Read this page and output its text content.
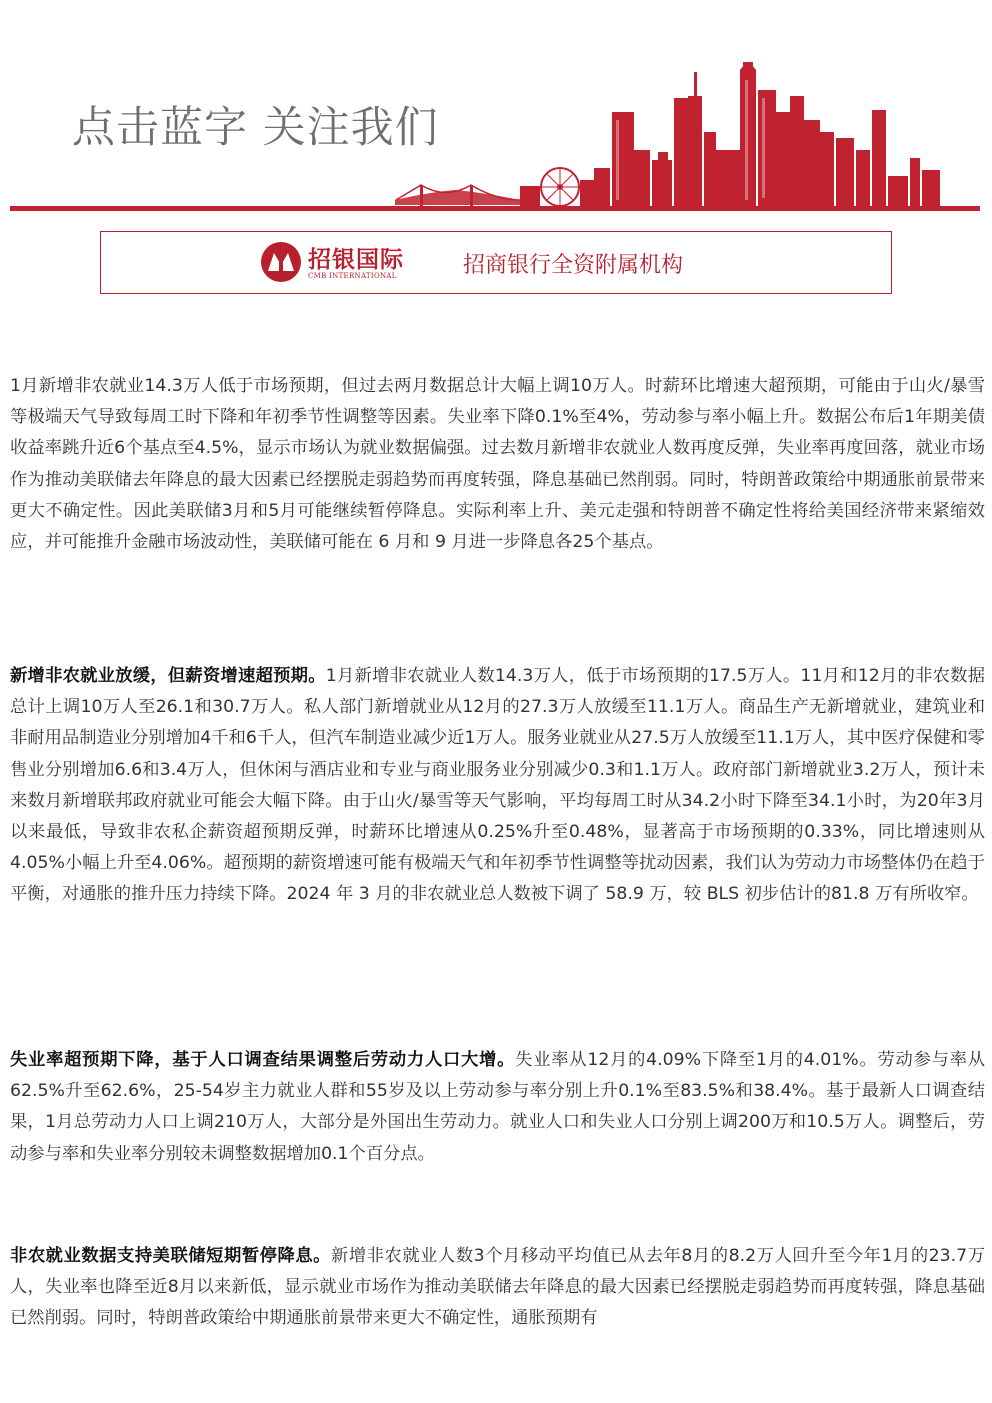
点击蓝字 关注我们
招银国际
CMB INTERNATIONAL	招商银行全资附属机构

1月新增非农就业14.3万人低于市场预期，但过去两月数据总计大幅上调10万人。时薪环比增速大超预期，可能由于山火/暴雪等极端天气导致每周工时下降和年初季节性调整等因素。失业率下降0.1%至4%，劳动参与率小幅上升。数据公布后1年期美债收益率跳升近6个基点至4.5%，显示市场认为就业数据偏强。过去数月新增非农就业人数再度反弹，失业率再度回落，就业市场作为推动美联储去年降息的最大因素已经摆脱走弱趋势而再度转强，降息基础已然削弱。同时，特朗普政策给中期通胀前景带来更大不确定性。因此美联储3月和5月可能继续暂停降息。实际利率上升、美元走强和特朗普不确定性将给美国经济带来紧缩效应，并可能推升金融市场波动性，美联储可能在 6 月和 9 月进一步降息各25个基点。

新增非农就业放缓，但薪资增速超预期。1月新增非农就业人数14.3万人，低于市场预期的17.5万人。11月和12月的非农数据总计上调10万人至26.1和30.7万人。私人部门新增就业从12月的27.3万人放缓至11.1万人。商品生产无新增就业，建筑业和非耐用品制造业分别增加4千和6千人，但汽车制造业减少近1万人。服务业就业从27.5万人放缓至11.1万人，其中医疗保健和零售业分别增加6.6和3.4万人，但休闲与酒店业和专业与商业服务业分别减少0.3和1.1万人。政府部门新增就业3.2万人，预计未来数月新增联邦政府就业可能会大幅下降。由于山火/暴雪等天气影响，平均每周工时从34.2小时下降至34.1小时，为20年3月以来最低，导致非农私企薪资超预期反弹，时薪环比增速从0.25%升至0.48%，显著高于市场预期的0.33%，同比增速则从4.05%小幅上升至4.06%。超预期的薪资增速可能有极端天气和年初季节性调整等扰动因素，我们认为劳动力市场整体仍在趋于平衡，对通胀的推升压力持续下降。2024 年 3 月的非农就业总人数被下调了 58.9 万，较 BLS 初步估计的81.8 万有所收窄。

失业率超预期下降，基于人口调查结果调整后劳动力人口大增。失业率从12月的4.09%下降至1月的4.01%。劳动参与率从62.5%升至62.6%，25-54岁主力就业人群和55岁及以上劳动参与率分别上升0.1%至83.5%和38.4%。基于最新人口调查结果，1月总劳动力人口上调210万人，大部分是外国出生劳动力。就业人口和失业人口分别上调200万和10.5万人。调整后，劳动参与率和失业率分别较未调整数据增加0.1个百分点。

非农就业数据支持美联储短期暂停降息。新增非农就业人数3个月移动平均值已从去年8月的8.2万人回升至今年1月的23.7万人，失业率也降至近8月以来新低，显示就业市场作为推动美联储去年降息的最大因素已经摆脱走弱趋势而再度转强，降息基础已然削弱。同时，特朗普政策给中期通胀前景带来更大不确定性，通胀预期有
